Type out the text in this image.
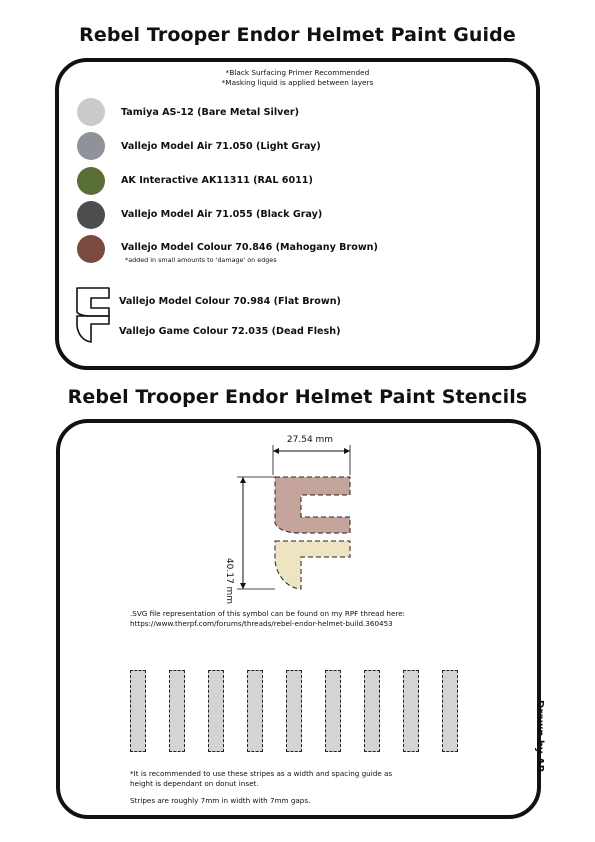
Rebel Trooper Endor Helmet Paint Guide
*Black Surfacing Primer Recommended
*Masking liquid is applied between layers
Tamiya AS-12 (Bare Metal Silver)
Vallejo Model Air 71.050 (Light Gray)
AK Interactive AK11311 (RAL 6011)
Vallejo Model Air 71.055 (Black Gray)
Vallejo Model Colour 70.846 (Mahogany Brown)
*added in small amounts to 'damage' on edges
Vallejo Model Colour 70.984 (Flat Brown)
Vallejo Game Colour 72.035 (Dead Flesh)
Rebel Trooper Endor Helmet Paint Stencils
27.54 mm
40.17 mm
.SVG file representation of this symbol can be found on my RPF thread here:
https://www.therpf.com/forums/threads/rebel-endor-helmet-build.360453
*It is recommended to use these stripes as a width and spacing guide as
height is dependant on donut inset.
Stripes are roughly 7mm in width with 7mm gaps.
Drawn by AR
